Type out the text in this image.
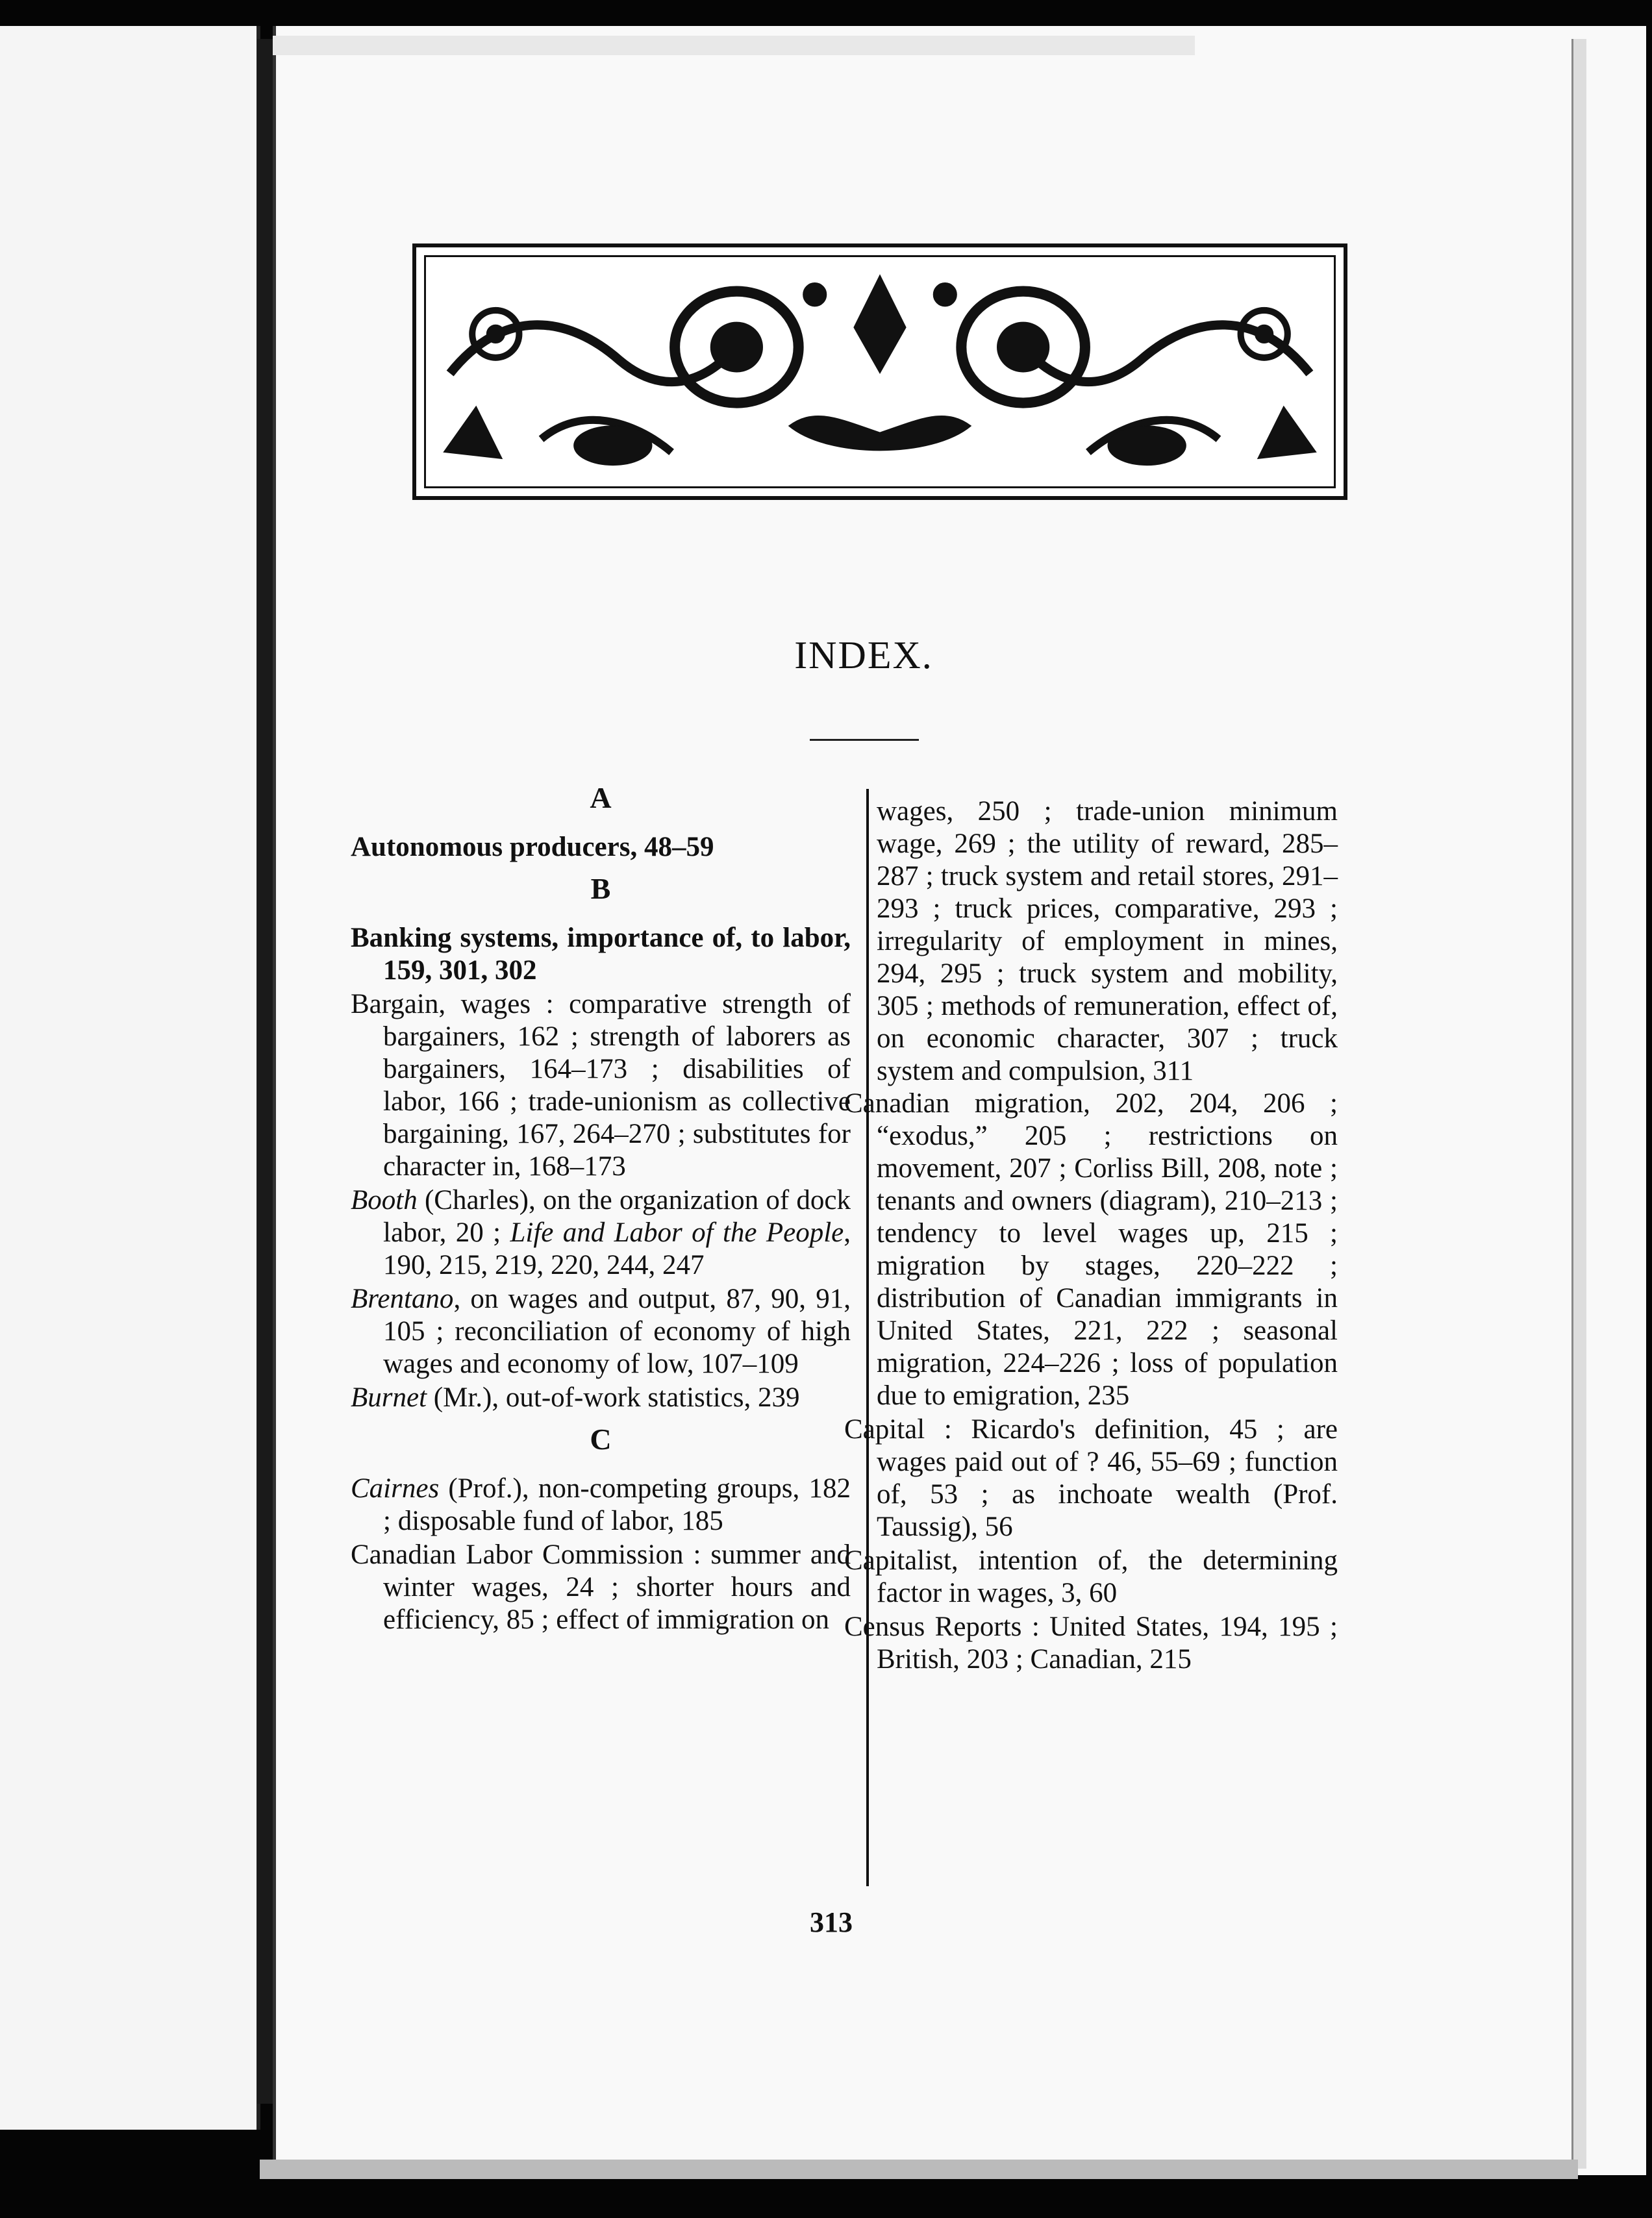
INDEX.
A
Autonomous producers, 48–59
B
Banking systems, importance of, to labor, 159, 301, 302
Bargain, wages : comparative strength of bargainers, 162 ; strength of laborers as bargainers, 164–173 ; disabilities of labor, 166 ; trade-unionism as collective bargaining, 167, 264–270 ; substitutes for character in, 168–173
Booth (Charles), on the organization of dock labor, 20 ; Life and Labor of the People, 190, 215, 219, 220, 244, 247
Brentano, on wages and output, 87, 90, 91, 105 ; reconciliation of economy of high wages and economy of low, 107–109
Burnet (Mr.), out-of-work statistics, 239
C
Cairnes (Prof.), non-competing groups, 182 ; disposable fund of labor, 185
Canadian Labor Commission : summer and winter wages, 24 ; shorter hours and efficiency, 85 ; effect of immigration on
wages, 250 ; trade-union minimum wage, 269 ; the utility of reward, 285–287 ; truck system and retail stores, 291–293 ; truck prices, comparative, 293 ; irregularity of employment in mines, 294, 295 ; truck system and mobility, 305 ; methods of remuneration, effect of, on economic character, 307 ; truck system and compulsion, 311
Canadian migration, 202, 204, 206 ; “exodus,” 205 ; restrictions on movement, 207 ; Corliss Bill, 208, note ; tenants and owners (diagram), 210–213 ; tendency to level wages up, 215 ; migration by stages, 220–222 ; distribution of Canadian immigrants in United States, 221, 222 ; seasonal migration, 224–226 ; loss of population due to emigration, 235
Capital : Ricardo's definition, 45 ; are wages paid out of ? 46, 55–69 ; function of, 53 ; as inchoate wealth (Prof. Taussig), 56
Capitalist, intention of, the determining factor in wages, 3, 60
Census Reports : United States, 194, 195 ; British, 203 ; Canadian, 215
313
